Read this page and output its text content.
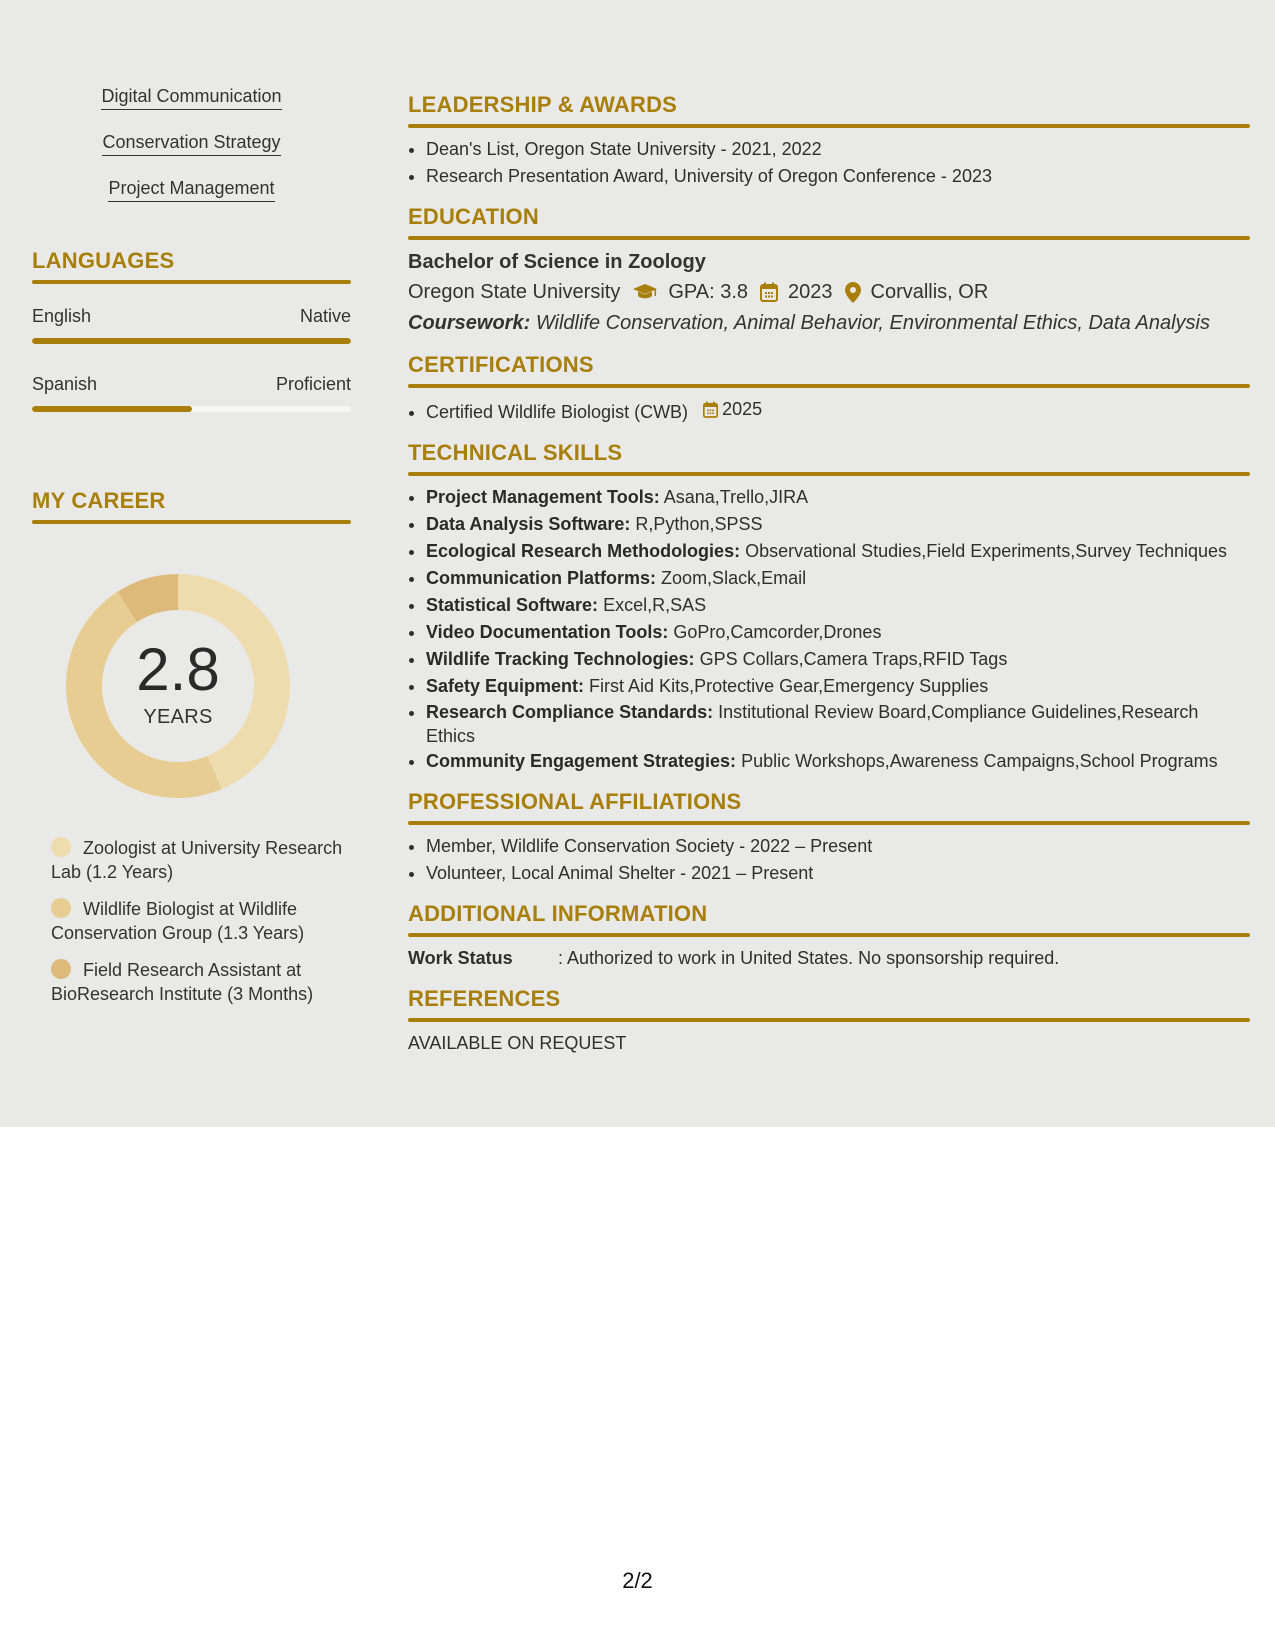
Digital Communication
Conservation Strategy
Project Management
LANGUAGES
English	Native
Spanish	Proficient
MY CAREER
2.8
YEARS
Zoologist at University Research Lab (1.2 Years)
Wildlife Biologist at Wildlife Conservation Group (1.3 Years)
Field Research Assistant at BioResearch Institute (3 Months)
LEADERSHIP & AWARDS
• Dean's List, Oregon State University - 2021, 2022
• Research Presentation Award, University of Oregon Conference - 2023
EDUCATION
Bachelor of Science in Zoology
Oregon State University GPA: 3.8 2023 Corvallis, OR
Coursework: Wildlife Conservation, Animal Behavior, Environmental Ethics, Data Analysis
CERTIFICATIONS
• Certified Wildlife Biologist (CWB) 2025
TECHNICAL SKILLS
• Project Management Tools: Asana,Trello,JIRA
• Data Analysis Software: R,Python,SPSS
• Ecological Research Methodologies: Observational Studies,Field Experiments,Survey Techniques
• Communication Platforms: Zoom,Slack,Email
• Statistical Software: Excel,R,SAS
• Video Documentation Tools: GoPro,Camcorder,Drones
• Wildlife Tracking Technologies: GPS Collars,Camera Traps,RFID Tags
• Safety Equipment: First Aid Kits,Protective Gear,Emergency Supplies
• Research Compliance Standards: Institutional Review Board,Compliance Guidelines,Research Ethics
• Community Engagement Strategies: Public Workshops,Awareness Campaigns,School Programs
PROFESSIONAL AFFILIATIONS
• Member, Wildlife Conservation Society - 2022 – Present
• Volunteer, Local Animal Shelter - 2021 – Present
ADDITIONAL INFORMATION
Work Status	: Authorized to work in United States. No sponsorship required.
REFERENCES
AVAILABLE ON REQUEST
2/2
